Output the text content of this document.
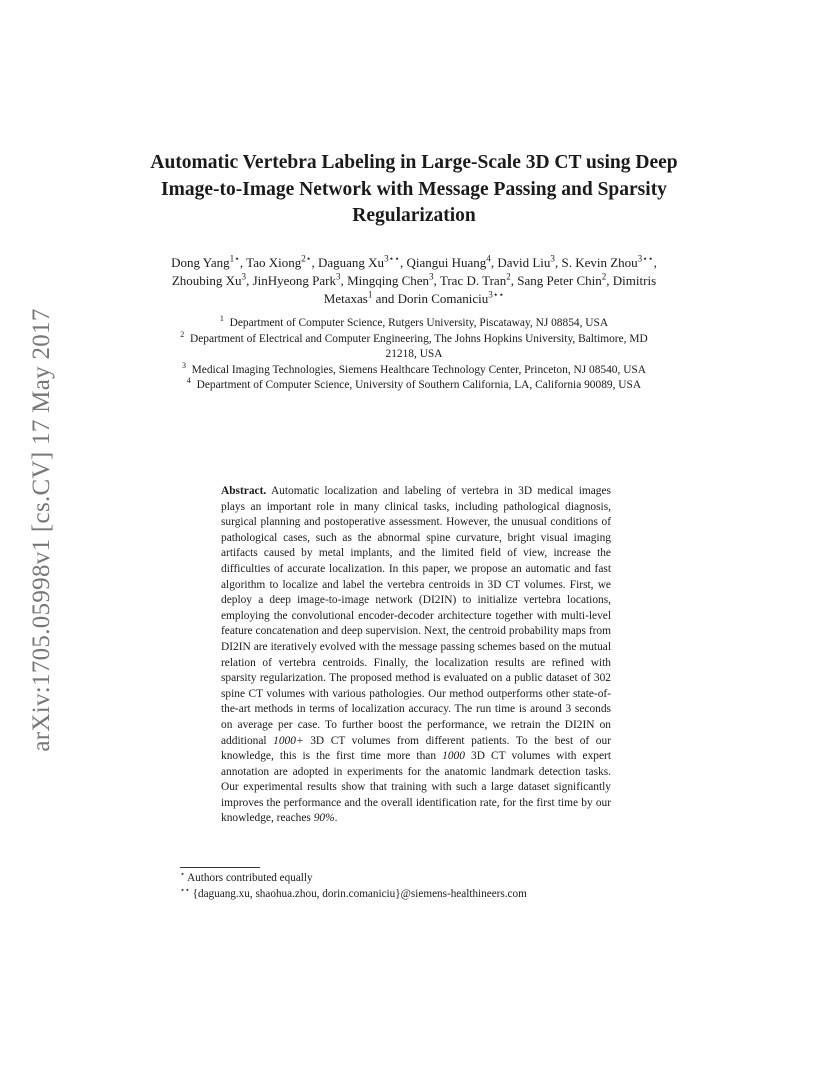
arXiv:1705.05998v1 [cs.CV] 17 May 2017
Automatic Vertebra Labeling in Large-Scale 3D CT using Deep Image-to-Image Network with Message Passing and Sparsity Regularization
Dong Yang$^{1⋆}$, Tao Xiong$^{2⋆}$, Daguang $Xu^{3⋆⋆}$, Qiangui Huang$^4$, David Liu$^3$, S. Kevin Zhou$^{3⋆⋆}$, Zhoubing Xu$^3$, JinHyeong Park$^3$, Mingqing Chen$^3$, Trac D. Tran$^2$, Sang Peter Chin$^2$, Dimitris Metaxas$^1$ and Dorin Comaniciu$^{3⋆⋆}$

$^1$ Department of Computer Science, Rutgers University, Piscataway, NJ 08854, USA

$^2$ Department of Electrical and Computer Engineering, The Johns Hopkins University, Baltimore, MD 21218, USA

$^3$ Medical Imaging Technologies, Siemens Healthcare Technology Center, Princeton, NJ 08540, USA

$^4$ Department of Computer Science, University of Southern California, LA, California 90089, USA

Abstract. Automatic localization and labeling of vertebra in 3D medical images plays an important role in many clinical tasks, including pathological diagnosis, surgical planning and postoperative assessment. However, the unusual conditions of pathological cases, such as the abnormal spine curvature, bright visual imaging artifacts caused by metal implants, and the limited field of view, increase the difficulties of accurate localization. In this paper, we propose an automatic and fast algorithm to localize and label the vertebra centroids in 3D CT volumes. First, we deploy a deep image-to-image network (DI2IN) to initialize vertebra locations, employing the convolutional encoder-decoder architecture together with multi-level feature concatenation and deep supervision. Next, the centroid probability maps from DI2IN are iteratively evolved with the message passing schemes based on the mutual relation of vertebra centroids. Finally, the localization results are refined with sparsity regularization. The proposed method is evaluated on a public dataset of 302 spine CT volumes with various pathologies. Our method outperforms other state-of-the-art methods in terms of localization accuracy. The run time is around 3 seconds on average per case. To further boost the performance, we retrain the DI2IN on additional 1000+ 3D CT volumes from different patients. To the best of our knowledge, this is the first time more than 1000 3D CT volumes with expert annotation are adopted in experiments for the anatomic landmark detection tasks. Our experimental results show that training with such a large dataset significantly improves the performance and the overall identification rate, for the first time by our knowledge, reaches 90%.

⋆ Authors contributed equally

⋆⋆ {daguang.xu, shaohua.zhou, dorin.comaniciu}@siemens-healthineers.com
